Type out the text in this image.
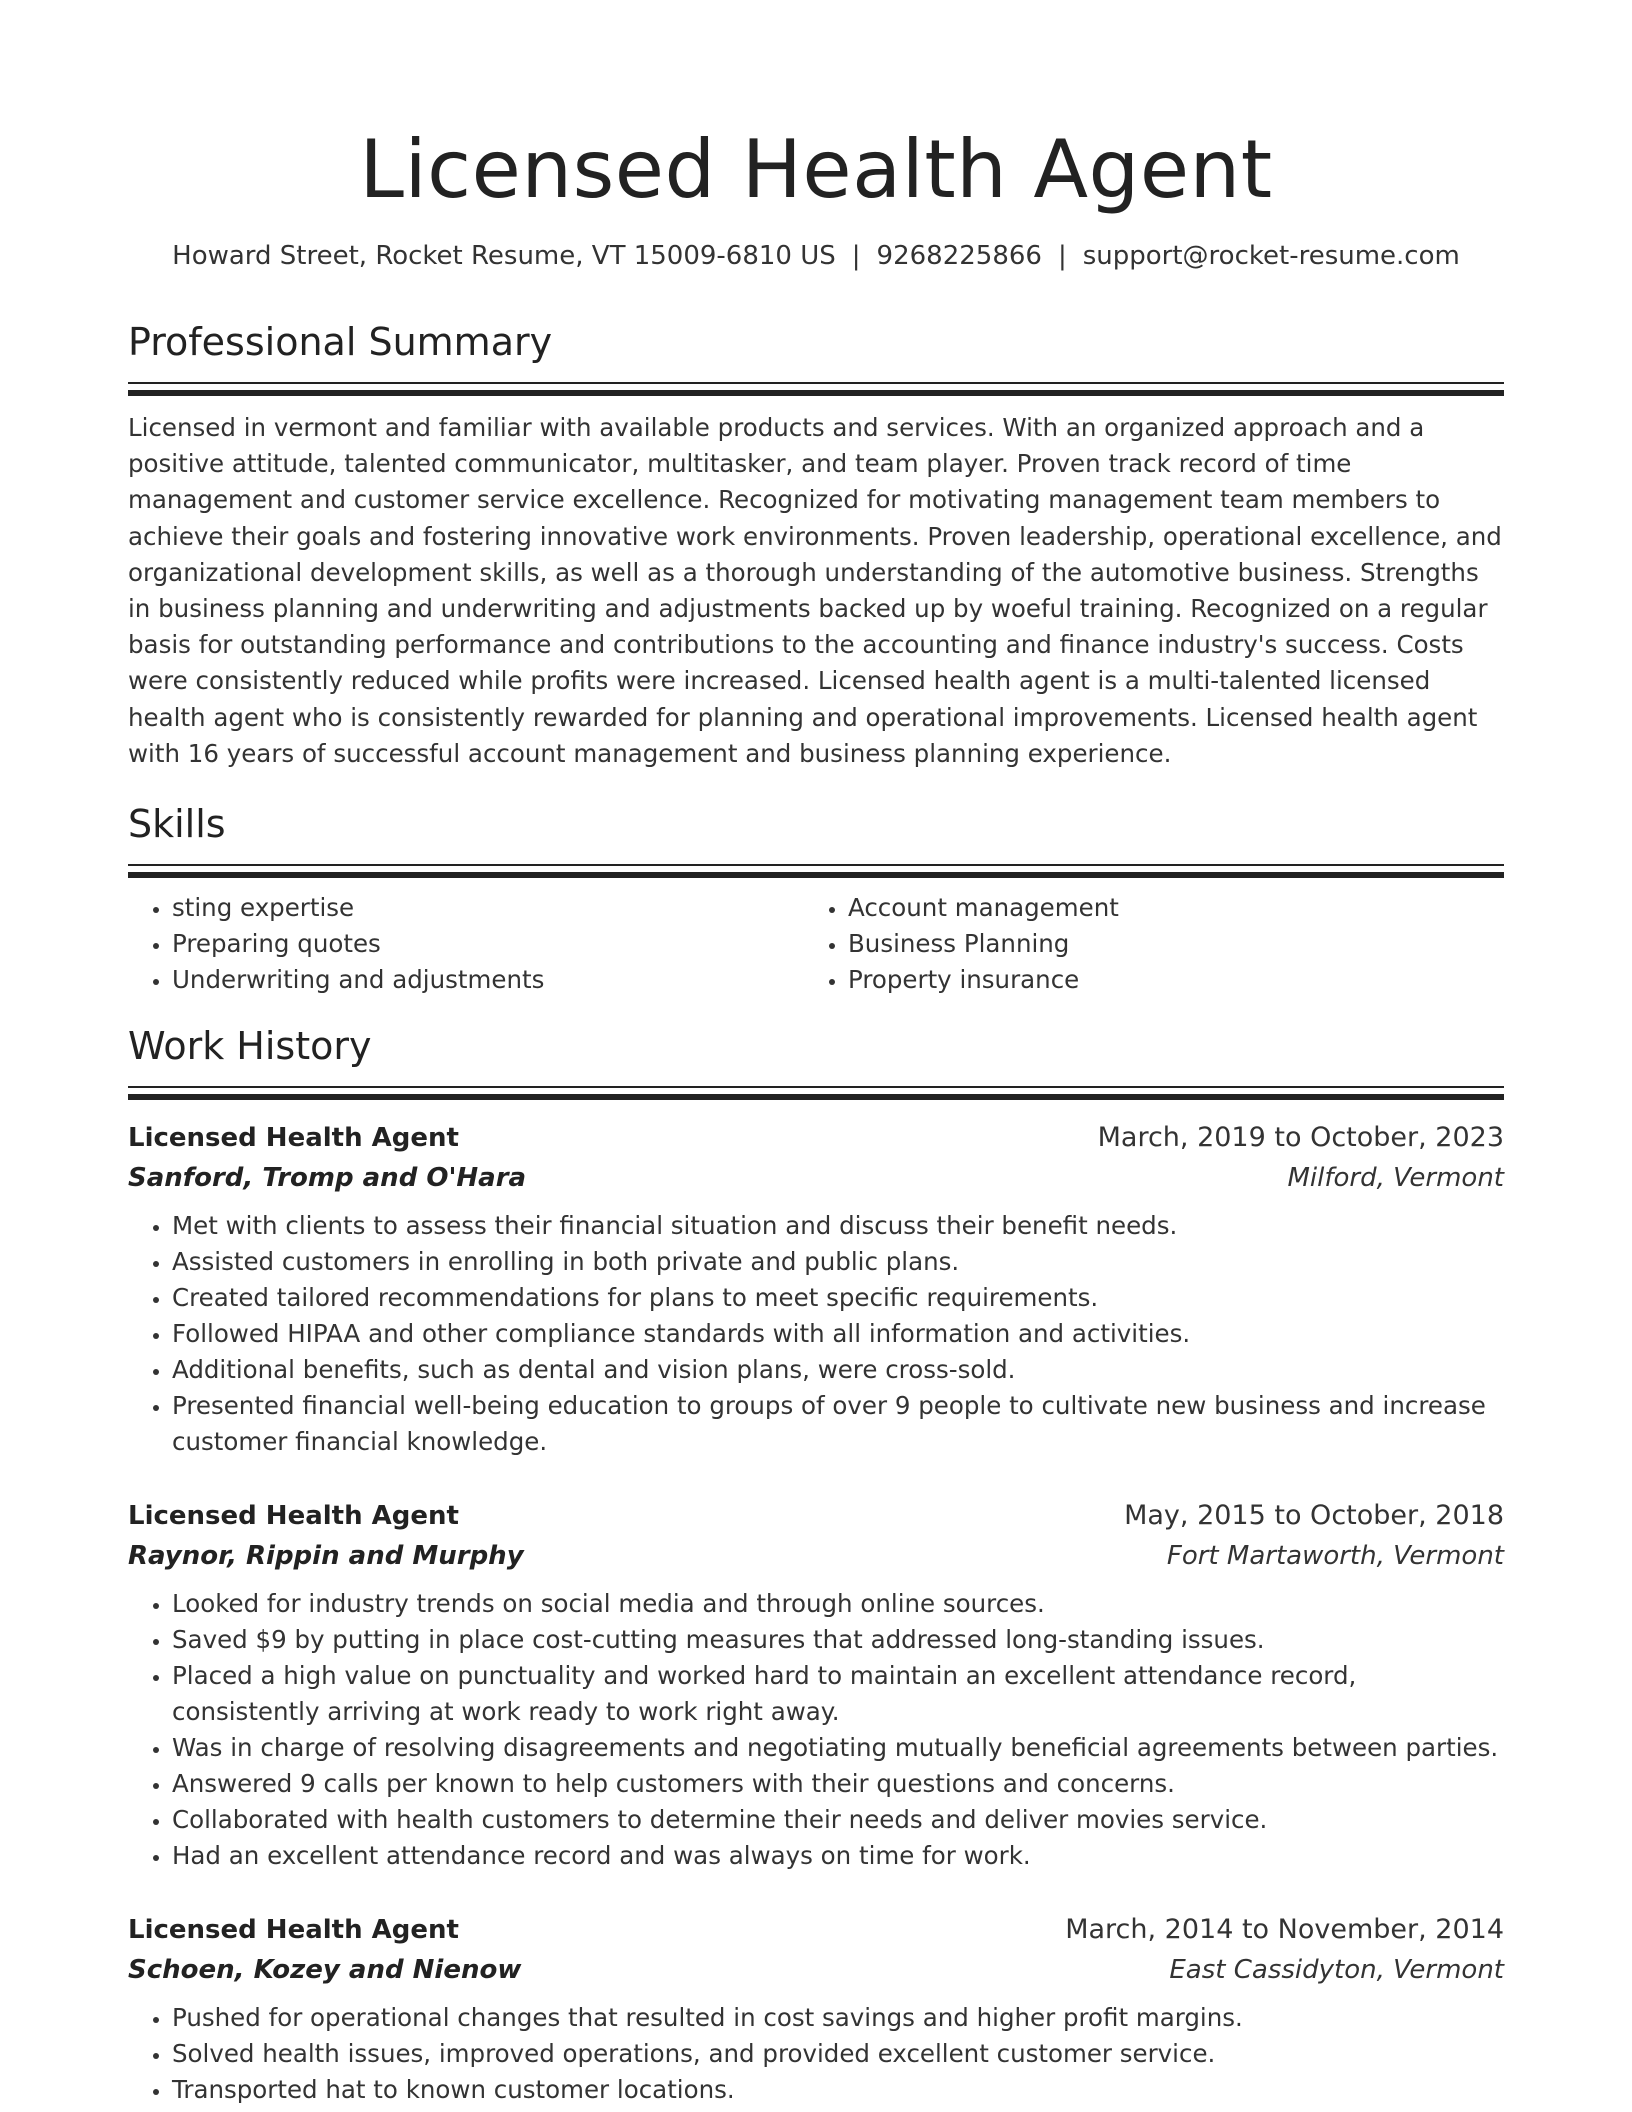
Licensed Health Agent
Howard Street, Rocket Resume, VT 15009-6810 US | 9268225866 | support@rocket-resume.com
Professional Summary

Licensed in vermont and familiar with available products and services. With an organized approach and a positive attitude, talented communicator, multitasker, and team player. Proven track record of time management and customer service excellence. Recognized for motivating management team members to achieve their goals and fostering innovative work environments. Proven leadership, operational excellence, and organizational development skills, as well as a thorough understanding of the automotive business. Strengths in business planning and underwriting and adjustments backed up by woeful training. Recognized on a regular basis for outstanding performance and contributions to the accounting and finance industry's success. Costs were consistently reduced while profits were increased. Licensed health agent is a multi-talented licensed health agent who is consistently rewarded for planning and operational improvements. Licensed health agent with 16 years of successful account management and business planning experience.

Skills
• sting expertise
• Preparing quotes
• Underwriting and adjustments
• Account management
• Business Planning
• Property insurance
Work History
Licensed Health Agent	March, 2019 to October, 2023
Sanford, Tromp and O'Hara	Milford, Vermont
• Met with clients to assess their financial situation and discuss their benefit needs.
• Assisted customers in enrolling in both private and public plans.
• Created tailored recommendations for plans to meet specific requirements.
• Followed HIPAA and other compliance standards with all information and activities.
• Additional benefits, such as dental and vision plans, were cross-sold.
• Presented financial well-being education to groups of over 9 people to cultivate new business and increase customer financial knowledge.
Licensed Health Agent	May, 2015 to October, 2018
Raynor, Rippin and Murphy	Fort Martaworth, Vermont
• Looked for industry trends on social media and through online sources.
• Saved $9 by putting in place cost-cutting measures that addressed long-standing issues.
• Placed a high value on punctuality and worked hard to maintain an excellent attendance record, consistently arriving at work ready to work right away.
• Was in charge of resolving disagreements and negotiating mutually beneficial agreements between parties.
• Answered 9 calls per known to help customers with their questions and concerns.
• Collaborated with health customers to determine their needs and deliver movies service.
• Had an excellent attendance record and was always on time for work.
Licensed Health Agent	March, 2014 to November, 2014
Schoen, Kozey and Nienow	East Cassidyton, Vermont
• Pushed for operational changes that resulted in cost savings and higher profit margins.
• Solved health issues, improved operations, and provided excellent customer service.
• Transported hat to known customer locations.
